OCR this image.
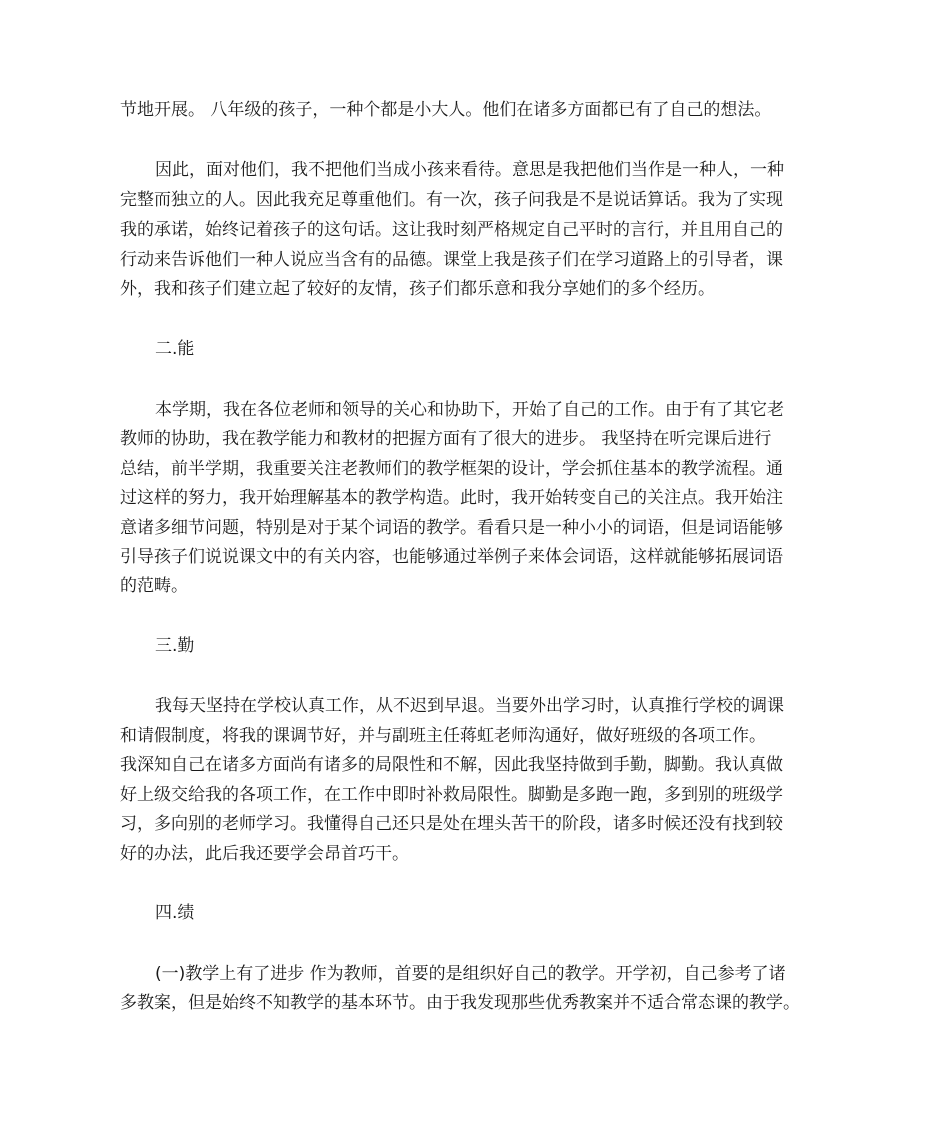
节地开展。 八年级的孩子，一种个都是小大人。他们在诸多方面都已有了自己的想法。
因此，面对他们，我不把他们当成小孩来看待。意思是我把他们当作是一种人，一种
完整而独立的人。因此我充足尊重他们。有一次，孩子问我是不是说话算话。我为了实现
我的承诺，始终记着孩子的这句话。这让我时刻严格规定自己平时的言行，并且用自己的
行动来告诉他们一种人说应当含有的品德。课堂上我是孩子们在学习道路上的引导者，课
外，我和孩子们建立起了较好的友情，孩子们都乐意和我分享她们的多个经历。
二.能
本学期，我在各位老师和领导的关心和协助下，开始了自己的工作。由于有了其它老
教师的协助，我在教学能力和教材的把握方面有了很大的进步。 我坚持在听完课后进行
总结，前半学期，我重要关注老教师们的教学框架的设计，学会抓住基本的教学流程。通
过这样的努力，我开始理解基本的教学构造。此时，我开始转变自己的关注点。我开始注
意诸多细节问题，特别是对于某个词语的教学。看看只是一种小小的词语，但是词语能够
引导孩子们说说课文中的有关内容，也能够通过举例子来体会词语，这样就能够拓展词语
的范畴。
三.勤
我每天坚持在学校认真工作，从不迟到早退。当要外出学习时，认真推行学校的调课
和请假制度，将我的课调节好，并与副班主任蒋虹老师沟通好，做好班级的各项工作。
我深知自己在诸多方面尚有诸多的局限性和不解，因此我坚持做到手勤，脚勤。我认真做
好上级交给我的各项工作，在工作中即时补救局限性。脚勤是多跑一跑，多到别的班级学
习，多向别的老师学习。我懂得自己还只是处在埋头苦干的阶段，诸多时候还没有找到较
好的办法，此后我还要学会昂首巧干。
四.绩
(一)教学上有了进步 作为教师，首要的是组织好自己的教学。开学初，自己参考了诸
多教案，但是始终不知教学的基本环节。由于我发现那些优秀教案并不适合常态课的教学。
